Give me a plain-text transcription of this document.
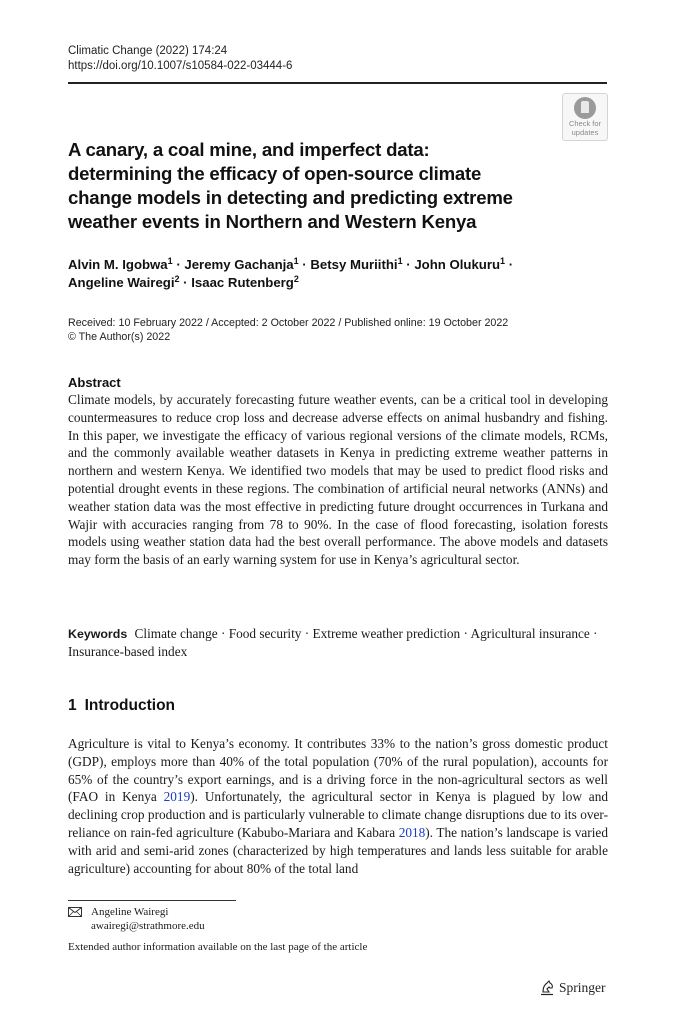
Climatic Change (2022) 174:24
https://doi.org/10.1007/s10584-022-03444-6
Check for
updates
A canary, a coal mine, and imperfect data: determining the efficacy of open-source climate change models in detecting and predicting extreme weather events in Northern and Western Kenya
Alvin M. Igobwa$^1$ · Jeremy Gachanja$^1$ · Betsy Muriithi$^1$ · John Olukuru$^1$ ·
Angeline Wairegi$^2$ · Isaac Rutenberg$^2$
Received: 10 February 2022 / Accepted: 2 October 2022 / Published online: 19 October 2022
© The Author(s) 2022
Abstract
Climate models, by accurately forecasting future weather events, can be a critical tool in developing countermeasures to reduce crop loss and decrease adverse effects on animal husbandry and fishing. In this paper, we investigate the efficacy of various regional versions of the climate models, RCMs, and the commonly available weather datasets in Kenya in predicting extreme weather patterns in northern and western Kenya. We identified two models that may be used to predict flood risks and potential drought events in these regions. The combination of artificial neural networks (ANNs) and weather station data was the most effective in predicting future drought occurrences in Turkana and Wajir with accuracies ranging from 78 to 90%. In the case of flood forecasting, isolation forests models using weather station data had the best overall performance. The above models and datasets may form the basis of an early warning system for use in Kenya’s agricultural sector.
Keywords Climate change · Food security · Extreme weather prediction · Agricultural insurance · Insurance-based index
1 Introduction
Agriculture is vital to Kenya’s economy. It contributes 33% to the nation’s gross domestic product (GDP), employs more than 40% of the total population (70% of the rural population), accounts for 65% of the country’s export earnings, and is a driving force in the non-agricultural sectors as well (FAO in Kenya 2019). Unfortunately, the agricultural sector in Kenya is plagued by low and declining crop production and is particularly vulnerable to climate change disruptions due to its over-reliance on rain-fed agriculture (Kabubo-Mariara and Kabara 2018). The nation’s landscape is varied with arid and semi-arid zones (characterized by high temperatures and lands less suitable for arable agriculture) accounting for about 80% of the total land
Angeline Wairegi
awairegi@strathmore.edu
Extended author information available on the last page of the article
Springer
